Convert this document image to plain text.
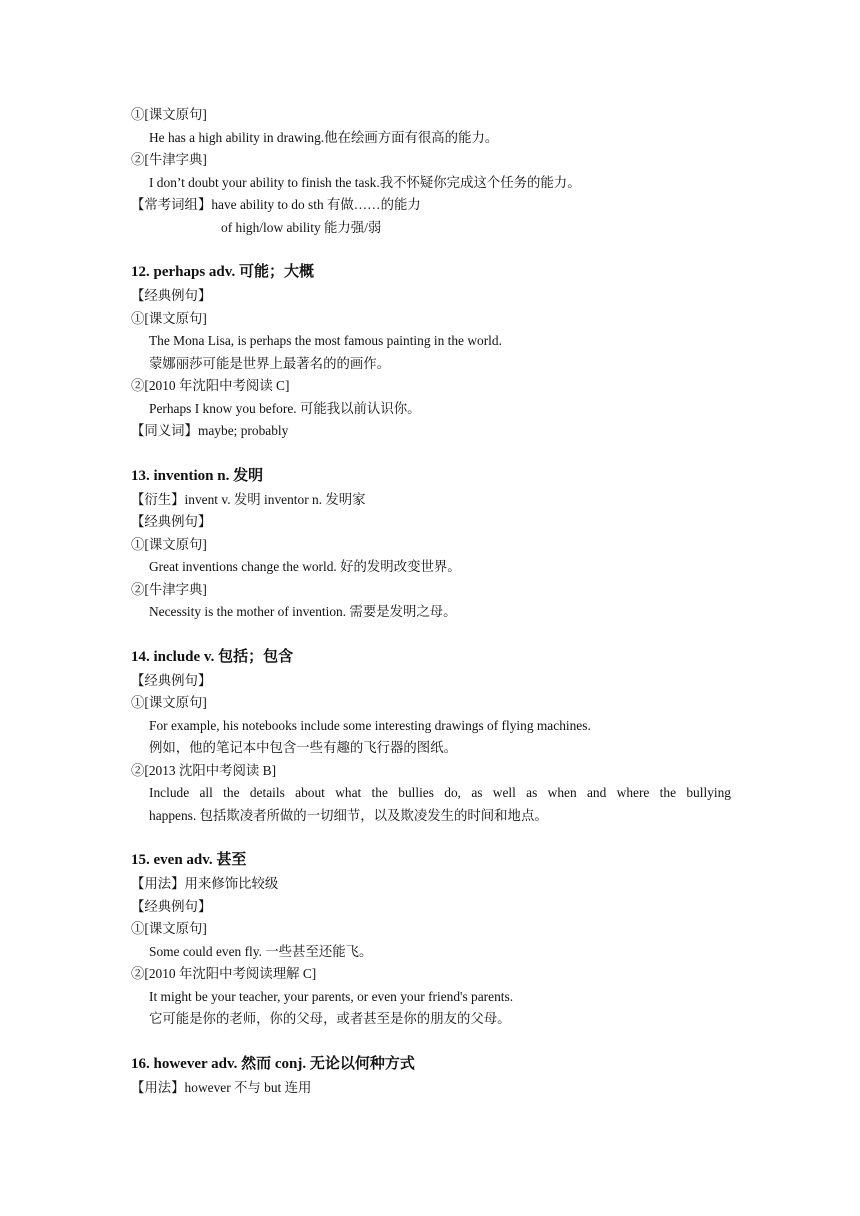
①[课文原句]
He has a high ability in drawing.他在绘画方面有很高的能力。
②[牛津字典]
I don’t doubt your ability to finish the task.我不怀疑你完成这个任务的能力。
【常考词组】have ability to do sth 有做……的能力
of high/low ability 能力强/弱
12. perhaps adv. 可能；大概
【经典例句】
①[课文原句]
The Mona Lisa, is perhaps the most famous painting in the world.
蒙娜丽莎可能是世界上最著名的的画作。
②[2010 年沈阳中考阅读 C]
Perhaps I know you before. 可能我以前认识你。
【同义词】maybe; probably
13. invention n. 发明
【衍生】invent v. 发明 inventor n. 发明家
【经典例句】
①[课文原句]
Great inventions change the world. 好的发明改变世界。
②[牛津字典]
Necessity is the mother of invention. 需要是发明之母。
14. include v. 包括；包含
【经典例句】
①[课文原句]
For example, his notebooks include some interesting drawings of flying machines.
例如，他的笔记本中包含一些有趣的飞行器的图纸。
②[2013 沈阳中考阅读 B]
Include all the details about what the bullies do, as well as when and where the bullying
happens. 包括欺凌者所做的一切细节，以及欺凌发生的时间和地点。
15. even adv. 甚至
【用法】用来修饰比较级
【经典例句】
①[课文原句]
Some could even fly. 一些甚至还能飞。
②[2010 年沈阳中考阅读理解 C]
It might be your teacher, your parents, or even your friend's parents.
它可能是你的老师，你的父母，或者甚至是你的朋友的父母。
16. however adv. 然而 conj. 无论以何种方式
【用法】however 不与 but 连用
